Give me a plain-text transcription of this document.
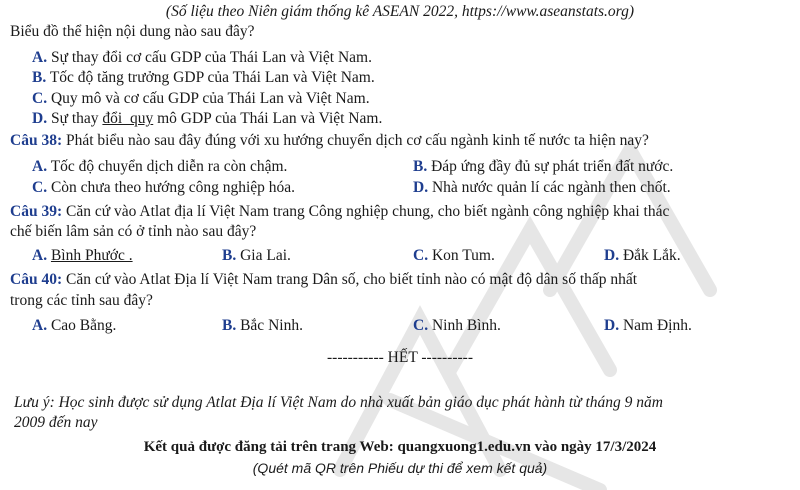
(Số liệu theo Niên giám thống kê ASEAN 2022, https://www.aseanstats.org)
Biểu đồ thể hiện nội dung nào sau đây?
A. Sự thay đổi cơ cấu GDP của Thái Lan và Việt Nam.
B. Tốc độ tăng trưởng GDP của Thái Lan và Việt Nam.
C. Quy mô và cơ cấu GDP của Thái Lan và Việt Nam.
D. Sự thay đổi  quy mô GDP của Thái Lan và Việt Nam.
Câu 38: Phát biểu nào sau đây đúng với xu hướng chuyển dịch cơ cấu ngành kinh tế nước ta hiện nay?
A. Tốc độ chuyển dịch diễn ra còn chậm.	B. Đáp ứng đầy đủ sự phát triển đất nước.
C. Còn chưa theo hướng công nghiệp hóa.	D. Nhà nước quản lí các ngành then chốt.
Câu 39: Căn cứ vào Atlat địa lí Việt Nam trang Công nghiệp chung, cho biết ngành công nghiệp khai thác
chế biến lâm sản có ở tỉnh nào sau đây?
A. Bình Phước .	B. Gia Lai.	C. Kon Tum.	D. Đắk Lắk.
Câu 40: Căn cứ vào Atlat Địa lí Việt Nam trang Dân số, cho biết tỉnh nào có mật độ dân số thấp nhất
trong các tỉnh sau đây?
A. Cao Bằng.	B. Bắc Ninh.	C. Ninh Bình.	D. Nam Định.
----------- HẾT ----------
Lưu ý: Học sinh được sử dụng Atlat Địa lí Việt Nam do nhà xuất bản giáo dục phát hành từ tháng 9 năm
2009 đến nay
Kết quả được đăng tải trên trang Web: quangxuong1.edu.vn vào ngày 17/3/2024
(Quét mã QR trên Phiếu dự thi để xem kết quả)
